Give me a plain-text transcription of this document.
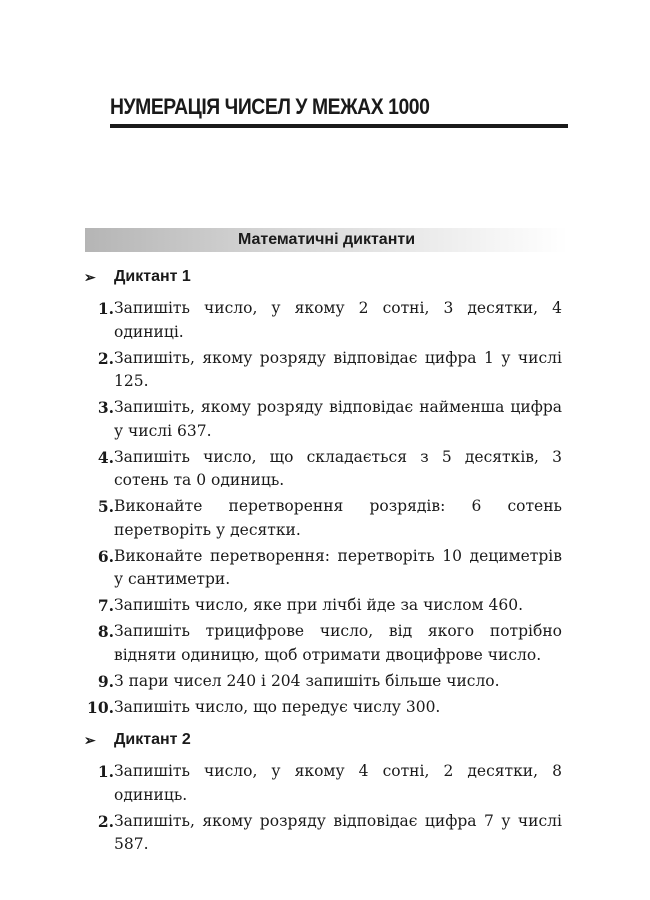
НУМЕРАЦІЯ ЧИСЕЛ У МЕЖАХ 1000
Математичні диктанти
➢	Диктант 1
1. Запишіть число, у якому 2 сотні, 3 десятки, 4 одиниці.
2. Запишіть, якому розряду відповідає цифра 1 у числі 125.
3. Запишіть, якому розряду відповідає найменша цифра у числі 637.
4. Запишіть число, що складається з 5 десятків, 3 сотень та 0 одиниць.
5. Виконайте перетворення розрядів: 6 сотень перетворіть у десятки.
6. Виконайте перетворення: перетворіть 10 дециметрів у сантиметри.
7. Запишіть число, яке при лічбі йде за числом 460.
8. Запишіть трицифрове число, від якого потрібно відняти одиницю, щоб отримати двоцифрове число.
9. З пари чисел 240 і 204 запишіть більше число.
10. Запишіть число, що передує числу 300.
➢	Диктант 2
1. Запишіть число, у якому 4 сотні, 2 десятки, 8 одиниць.
2. Запишіть, якому розряду відповідає цифра 7 у числі 587.
